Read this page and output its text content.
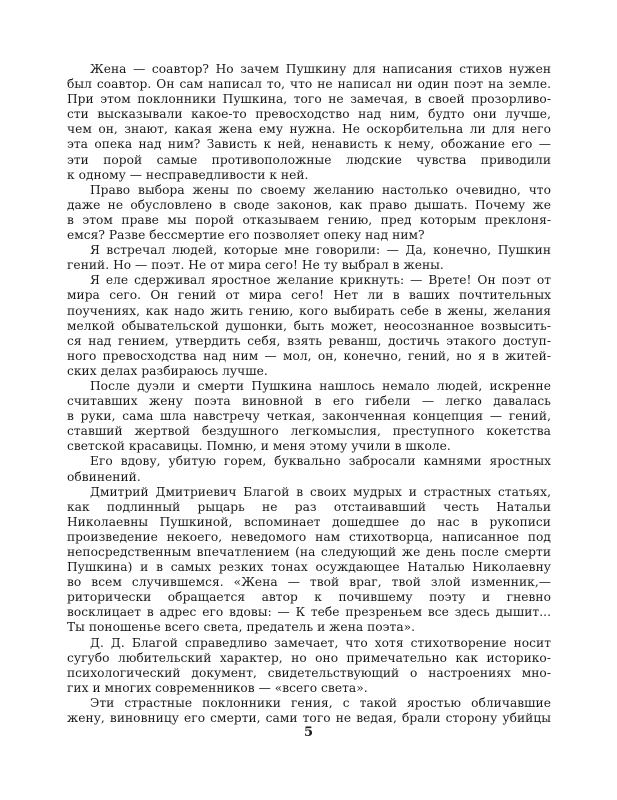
Жена — соавтор? Но зачем Пушкину для написания стихов нужен
был соавтор. Он сам написал то, что не написал ни один поэт на земле.
При этом поклонники Пушкина, того не замечая, в своей прозорливо-
сти высказывали какое-то превосходство над ним, будто они лучше,
чем он, знают, какая жена ему нужна. Не оскорбительна ли для него
эта опека над ним? Зависть к ней, ненависть к нему, обожание его —
эти порой самые противоположные людские чувства приводили
к одному — несправедливости к ней.
Право выбора жены по своему желанию настолько очевидно, что
даже не обусловлено в своде законов, как право дышать. Почему же
в этом праве мы порой отказываем гению, пред которым преклоня-
емся? Разве бессмертие его позволяет опеку над ним?
Я встречал людей, которые мне говорили: — Да, конечно, Пушкин
гений. Но — поэт. Не от мира сего! Не ту выбрал в жены.
Я еле сдерживал яростное желание крикнуть: — Врете! Он поэт от
мира сего. Он гений от мира сего! Нет ли в ваших почтительных
поучениях, как надо жить гению, кого выбирать себе в жены, желания
мелкой обывательской душонки, быть может, неосознанное возвысить-
ся над гением, утвердить себя, взять реванш, достичь этакого доступ-
ного превосходства над ним — мол, он, конечно, гений, но я в житей-
ских делах разбираюсь лучше.
После дуэли и смерти Пушкина нашлось немало людей, искренне
считавших жену поэта виновной в его гибели — легко давалась
в руки, сама шла навстречу четкая, законченная концепция — гений,
ставший жертвой бездушного легкомыслия, преступного кокетства
светской красавицы. Помню, и меня этому учили в школе.
Его вдову, убитую горем, буквально забросали камнями яростных
обвинений.
Дмитрий Дмитриевич Благой в своих мудрых и страстных статьях,
как подлинный рыцарь не раз отстаивавший честь Натальи
Николаевны Пушкиной, вспоминает дошедшее до нас в рукописи
произведение некоего, неведомого нам стихотворца, написанное под
непосредственным впечатлением (на следующий же день после смерти
Пушкина) и в самых резких тонах осуждающее Наталью Николаевну
во всем случившемся. «Жена — твой враг, твой злой изменник,—
риторически обращается автор к почившему поэту и гневно
восклицает в адрес его вдовы: — К тебе презреньем все здесь дышит...
Ты поношенье всего света, предатель и жена поэта».
Д. Д. Благой справедливо замечает, что хотя стихотворение носит
сугубо любительский характер, но оно примечательно как историко-
психологический документ, свидетельствующий о настроениях мно-
гих и многих современников — «всего света».
Эти страстные поклонники гения, с такой яростью обличавшие
жену, виновницу его смерти, сами того не ведая, брали сторону убийцы
5
